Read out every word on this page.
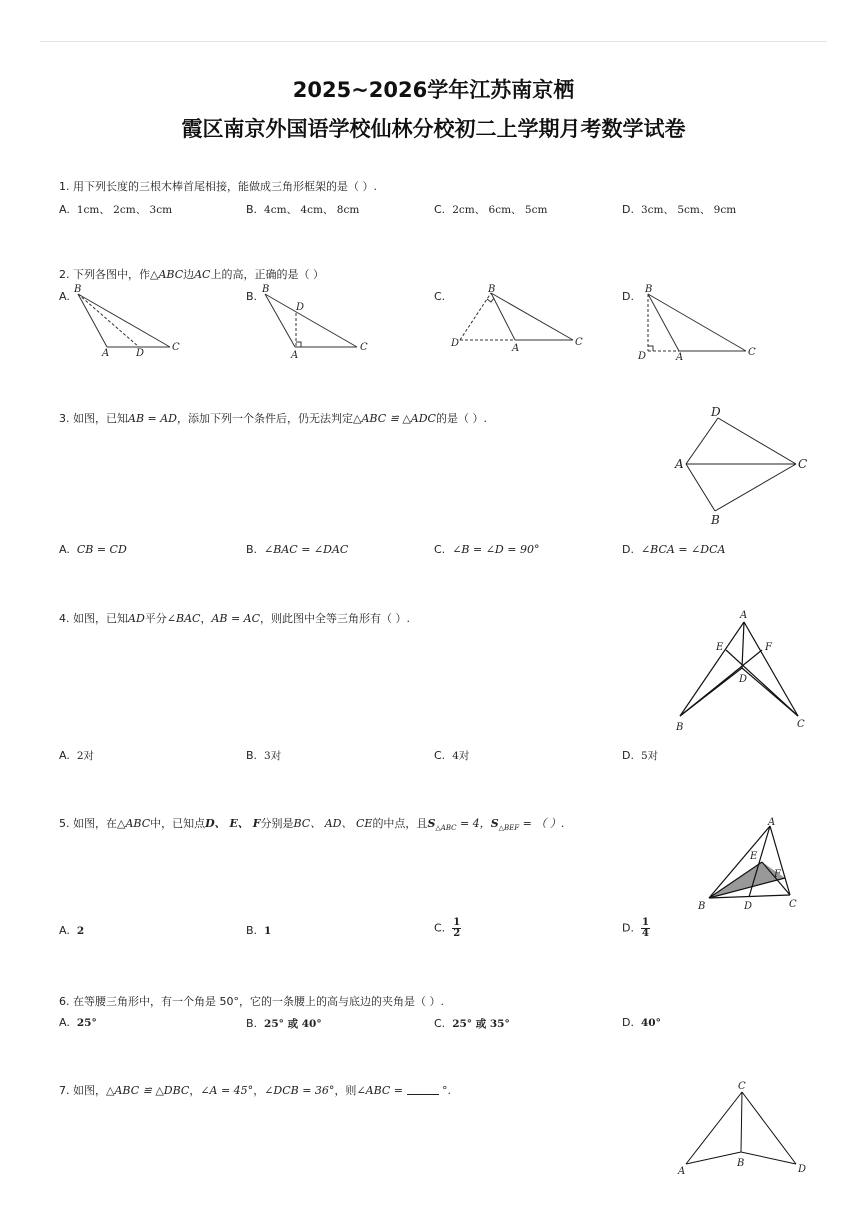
2025~2026学年江苏南京栖
霞区南京外国语学校仙林分校初二上学期月考数学试卷
1. 用下列长度的三根木棒首尾相接，能做成三角形框架的是（ ）.
A. 1cm、 2cm、 3cm	B. 4cm、 4cm、 8cm	C. 2cm、 6cm、 5cm	D. 3cm、 5cm、 9cm
2. 下列各图中，作△ABC边AC上的高，正确的是（ ）
A.
B
A	D
C
B.
B
D
A
C
C.
B
D	A
C
D.
B
D	A	C
3. 如图，已知AB = AD，添加下列一个条件后，仍无法判定△ABC ≌ △ADC的是（ ）.	D
A	C
B
A. CB = CD	B. ∠BAC = ∠DAC	C. ∠B = ∠D = 90°	D. ∠BCA = ∠DCA
4. 如图，已知AD平分∠BAC，AB = AC，则此图中全等三角形有（ ）.	A
E	F
D
B	C
A. 2对	B. 3对	C. 4对	D. 5对
5. 如图，在△ABC中，已知点D、 E、 F分别是BC、 AD、 CE的中点，且$S_{\triangle ABC} = 4$，$S_{\triangle BEF}$ = （ ）.	A
E
F
B	D	C
A. 2	B. 1	C. $\frac{1}{2}$	D. $\frac{1}{4}$
6. 在等腰三角形中，有一个角是 50°，它的一条腰上的高与底边的夹角是（ ）.
A. 25°	B. 25° 或 40°	C. 25° 或 35°	D. 40°
7. 如图，△ABC ≌ △DBC，∠A = 45°，∠DCB = 36°，则∠ABC =	°.	C
B
A	D
